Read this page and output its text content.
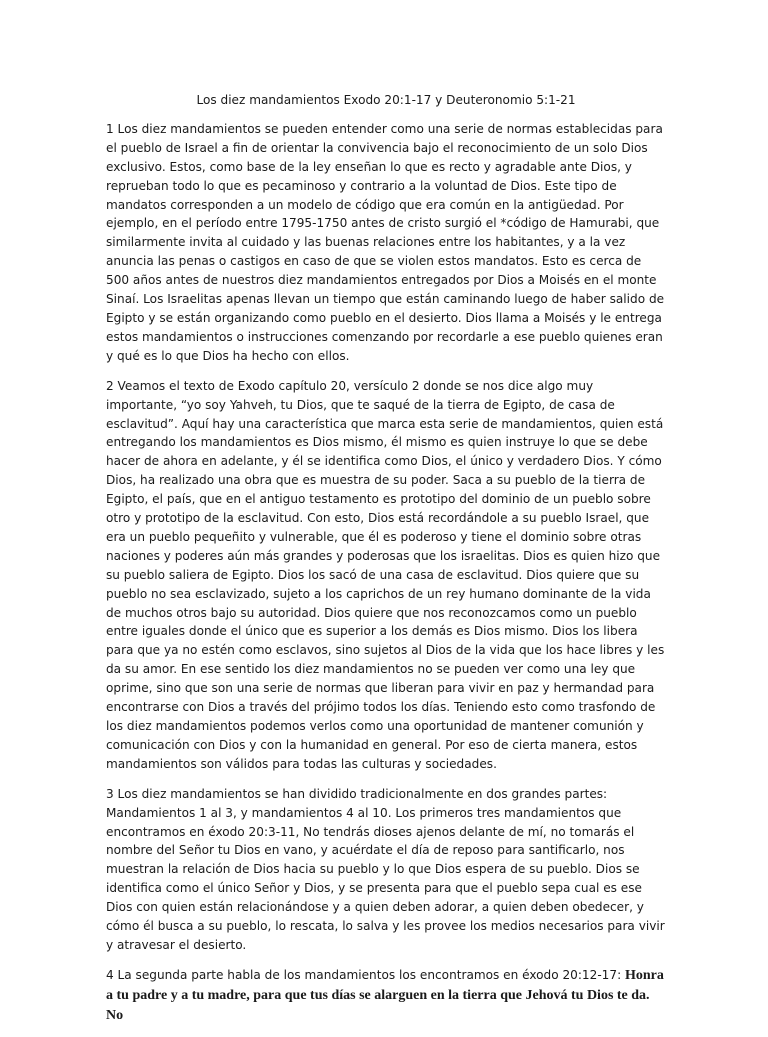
Los diez mandamientos Exodo 20:1-17 y Deuteronomio 5:1-21

1 Los diez mandamientos se pueden entender como una serie de normas establecidas para el pueblo de Israel a fin de orientar la convivencia bajo el reconocimiento de un solo Dios exclusivo. Estos, como base de la ley enseñan lo que es recto y agradable ante Dios, y reprueban todo lo que es pecaminoso y contrario a la voluntad de Dios. Este tipo de mandatos corresponden a un modelo de código que era común en la antigüedad. Por ejemplo, en el período entre 1795-1750 antes de cristo surgió el *código de Hamurabi, que similarmente invita al cuidado y las buenas relaciones entre los habitantes, y a la vez anuncia las penas o castigos en caso de que se violen estos mandatos. Esto es cerca de 500 años antes de nuestros diez mandamientos entregados por Dios a Moisés en el monte Sinaí. Los Israelitas apenas llevan un tiempo que están caminando luego de haber salido de Egipto y se están organizando como pueblo en el desierto. Dios llama a Moisés y le entrega estos mandamientos o instrucciones comenzando por recordarle a ese pueblo quienes eran y qué es lo que Dios ha hecho con ellos.

2 Veamos el texto de Exodo capítulo 20, versículo 2 donde se nos dice algo muy importante, “yo soy Yahveh, tu Dios, que te saqué de la tierra de Egipto, de casa de esclavitud”. Aquí hay una característica que marca esta serie de mandamientos, quien está entregando los mandamientos es Dios mismo, él mismo es quien instruye lo que se debe hacer de ahora en adelante, y él se identifica como Dios, el único y verdadero Dios. Y cómo Dios, ha realizado una obra que es muestra de su poder. Saca a su pueblo de la tierra de Egipto, el país, que en el antiguo testamento es prototipo del dominio de un pueblo sobre otro y prototipo de la esclavitud. Con esto, Dios está recordándole a su pueblo Israel, que era un pueblo pequeñito y vulnerable, que él es poderoso y tiene el dominio sobre otras naciones y poderes aún más grandes y poderosas que los israelitas. Dios es quien hizo que su pueblo saliera de Egipto. Dios los sacó de una casa de esclavitud. Dios quiere que su pueblo no sea esclavizado, sujeto a los caprichos de un rey humano dominante de la vida de muchos otros bajo su autoridad. Dios quiere que nos reconozcamos como un pueblo entre iguales donde el único que es superior a los demás es Dios mismo. Dios los libera para que ya no estén como esclavos, sino sujetos al Dios de la vida que los hace libres y les da su amor. En ese sentido los diez mandamientos no se pueden ver como una ley que oprime, sino que son una serie de normas que liberan para vivir en paz y hermandad para encontrarse con Dios a través del prójimo todos los días. Teniendo esto como trasfondo de los diez mandamientos podemos verlos como una oportunidad de mantener comunión y comunicación con Dios y con la humanidad en general. Por eso de cierta manera, estos mandamientos son válidos para todas las culturas y sociedades.

3 Los diez mandamientos se han dividido tradicionalmente en dos grandes partes: Mandamientos 1 al 3, y mandamientos 4 al 10. Los primeros tres mandamientos que encontramos en éxodo 20:3-11, No tendrás dioses ajenos delante de mí, no tomarás el nombre del Señor tu Dios en vano, y acuérdate el día de reposo para santificarlo, nos muestran la relación de Dios hacia su pueblo y lo que Dios espera de su pueblo. Dios se identifica como el único Señor y Dios, y se presenta para que el pueblo sepa cual es ese Dios con quien están relacionándose y a quien deben adorar, a quien deben obedecer, y cómo él busca a su pueblo, lo rescata, lo salva y les provee los medios necesarios para vivir y atravesar el desierto.

4 La segunda parte habla de los mandamientos los encontramos en éxodo 20:12-17: Honra a tu padre y a tu madre, para que tus días se alarguen en la tierra que Jehová tu Dios te da. No
